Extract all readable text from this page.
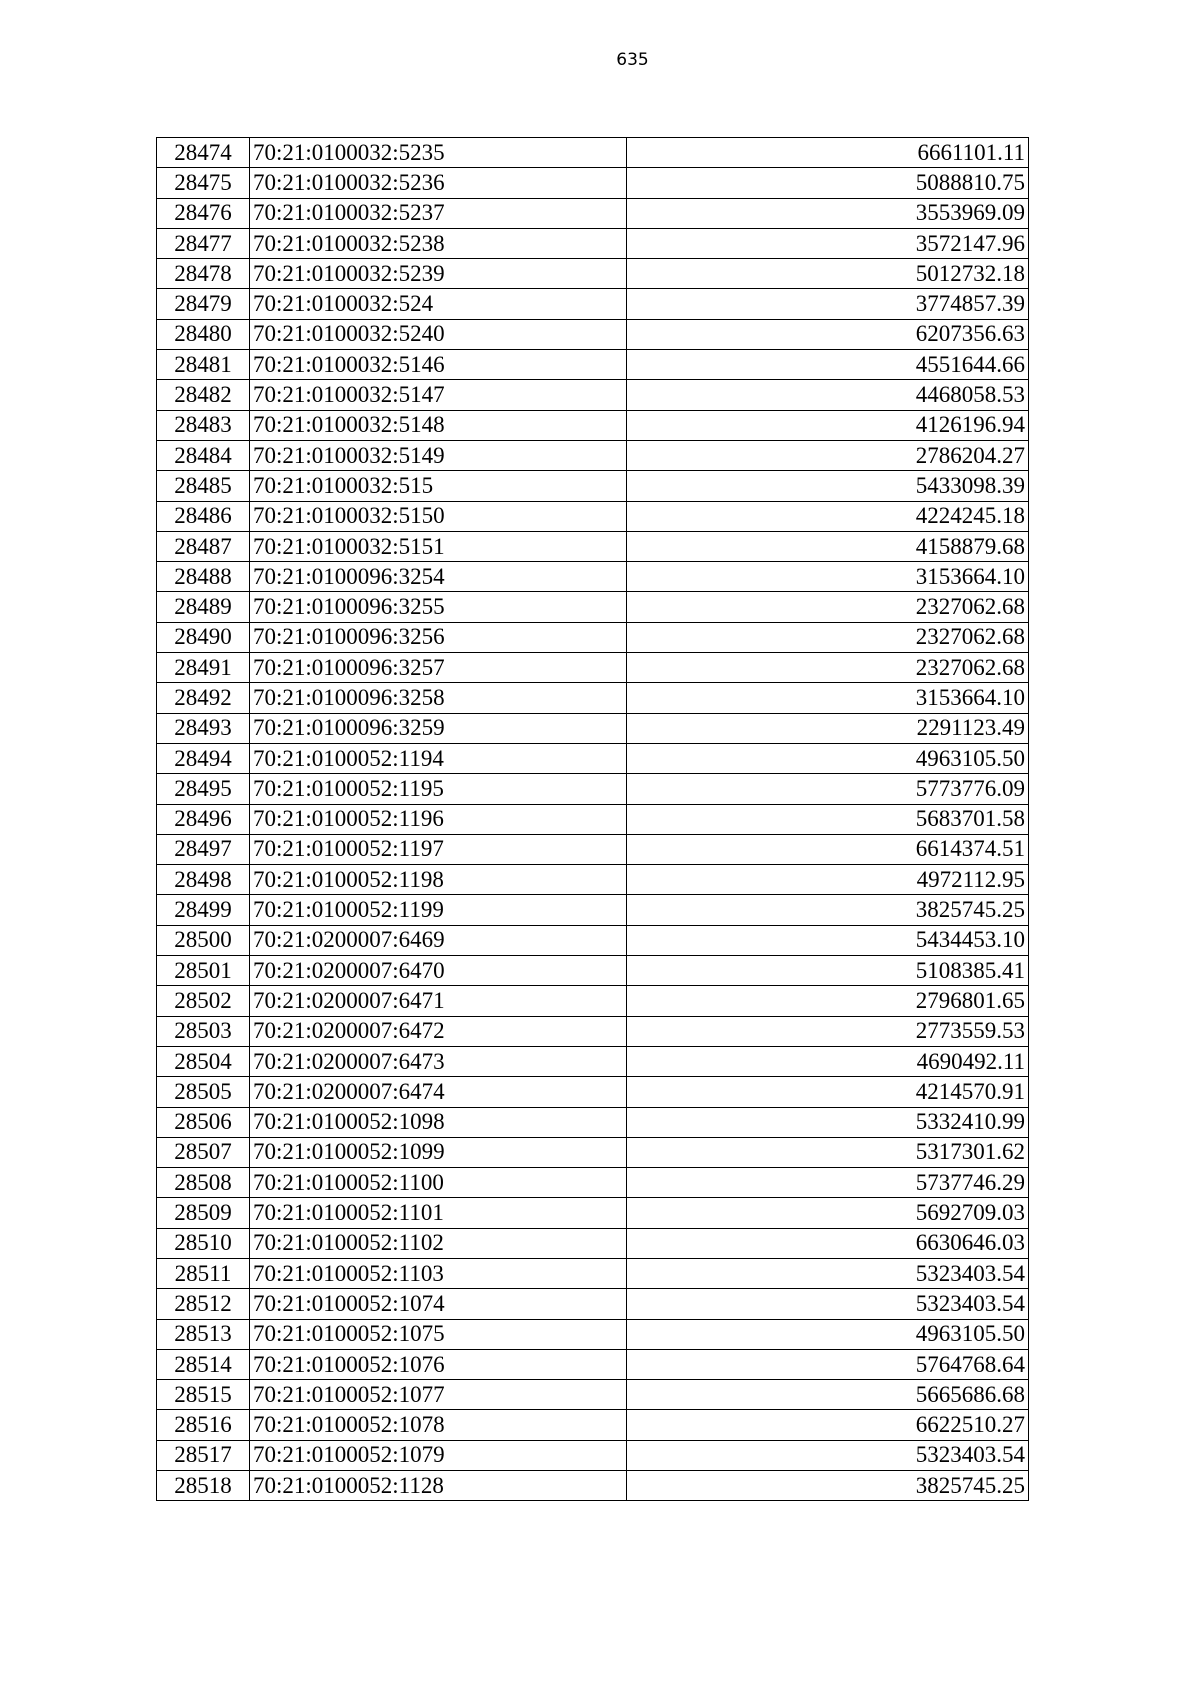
635
28474	70:21:0100032:5235	6661101.11
28475	70:21:0100032:5236	5088810.75
28476	70:21:0100032:5237	3553969.09
28477	70:21:0100032:5238	3572147.96
28478	70:21:0100032:5239	5012732.18
28479	70:21:0100032:524	3774857.39
28480	70:21:0100032:5240	6207356.63
28481	70:21:0100032:5146	4551644.66
28482	70:21:0100032:5147	4468058.53
28483	70:21:0100032:5148	4126196.94
28484	70:21:0100032:5149	2786204.27
28485	70:21:0100032:515	5433098.39
28486	70:21:0100032:5150	4224245.18
28487	70:21:0100032:5151	4158879.68
28488	70:21:0100096:3254	3153664.10
28489	70:21:0100096:3255	2327062.68
28490	70:21:0100096:3256	2327062.68
28491	70:21:0100096:3257	2327062.68
28492	70:21:0100096:3258	3153664.10
28493	70:21:0100096:3259	2291123.49
28494	70:21:0100052:1194	4963105.50
28495	70:21:0100052:1195	5773776.09
28496	70:21:0100052:1196	5683701.58
28497	70:21:0100052:1197	6614374.51
28498	70:21:0100052:1198	4972112.95
28499	70:21:0100052:1199	3825745.25
28500	70:21:0200007:6469	5434453.10
28501	70:21:0200007:6470	5108385.41
28502	70:21:0200007:6471	2796801.65
28503	70:21:0200007:6472	2773559.53
28504	70:21:0200007:6473	4690492.11
28505	70:21:0200007:6474	4214570.91
28506	70:21:0100052:1098	5332410.99
28507	70:21:0100052:1099	5317301.62
28508	70:21:0100052:1100	5737746.29
28509	70:21:0100052:1101	5692709.03
28510	70:21:0100052:1102	6630646.03
28511	70:21:0100052:1103	5323403.54
28512	70:21:0100052:1074	5323403.54
28513	70:21:0100052:1075	4963105.50
28514	70:21:0100052:1076	5764768.64
28515	70:21:0100052:1077	5665686.68
28516	70:21:0100052:1078	6622510.27
28517	70:21:0100052:1079	5323403.54
28518	70:21:0100052:1128	3825745.25
